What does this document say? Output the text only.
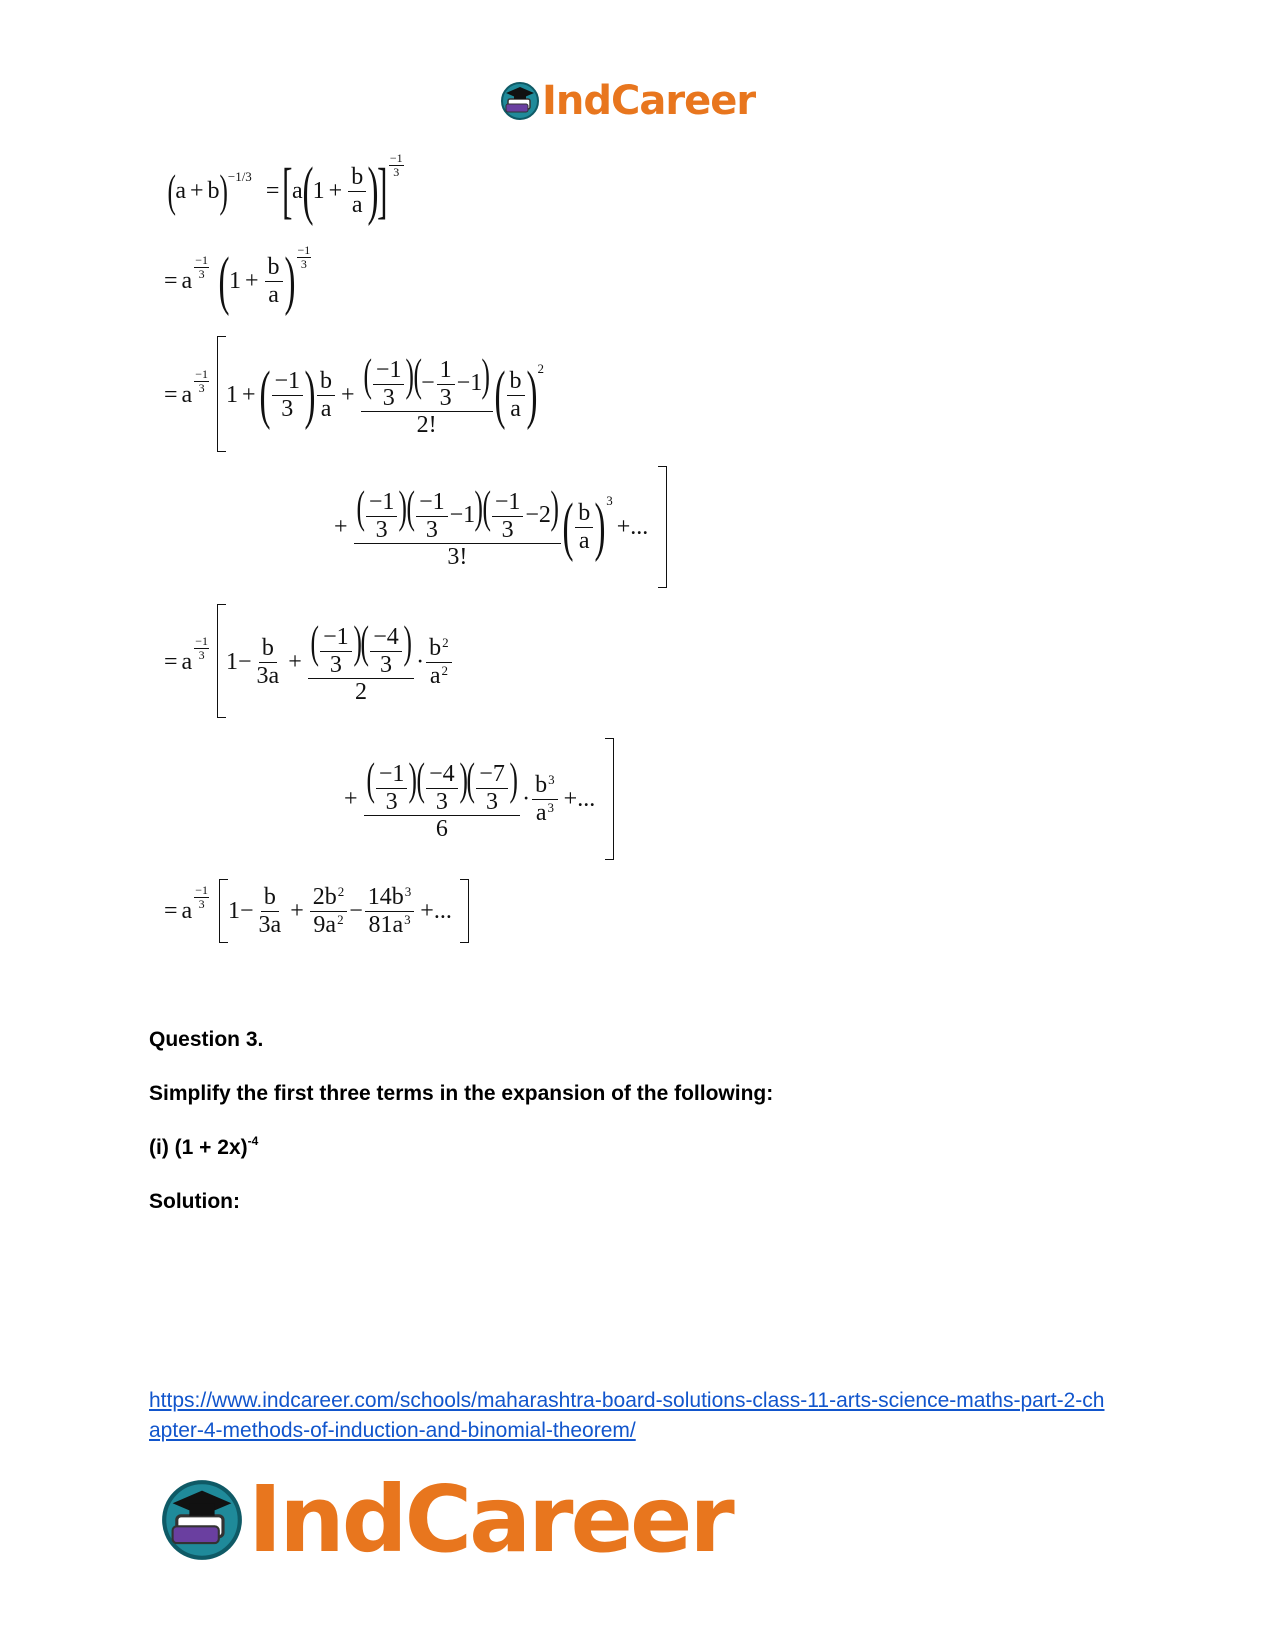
IndCareer
( a + b ) −1/3
= [ a ( $1 + \frac{b}{a}$ )
] $\frac{-1}{3}$
= a
$\frac{-1}{3}$ ( $1 + \frac{b}{a}$ ) $\frac{-1}{3}$
= a
$\frac{-1}{3}$
1 + ( $\frac{-1}{3}$ ) $\frac{b}{a} + \frac{( \frac{-1}{3} )(- \frac{1}{3} -1)}{2!}$ ( $\frac{b}{a}$ ) 2
+ $\frac{( \frac{-1}{3} )( \frac{-1}{3} -1)( \frac{-1}{3} -2)}{3!}$ ( $\frac{b}{a}$ ) 3
+...
= a
$\frac{-1}{3}$
$1- \frac{b}{3a} + \frac{( \frac{-1}{3} )( \frac{-4}{3} )}{2} \cdot \frac{b^2}{a^2}$
+ $\frac{( \frac{-1}{3} )( \frac{-4}{3} )( \frac{-7}{3} )}{6} \cdot \frac{b^3}{a^3}$ +...
= a
$\frac{-1}{3}$
$1- \frac{b}{3a} + \frac{2b^2}{9a^2} - \frac{14b^3}{81a^3}$ +...
Question 3.
Simplify the first three terms in the expansion of the following:
(i) $(1 + 2x)^{-4}$
Solution:
https://www.indcareer.com/schools/maharashtra-board-solutions-class-11-arts-science-maths-part-2-chapter-4-methods-of-induction-and-binomial-theorem/
IndCareer
